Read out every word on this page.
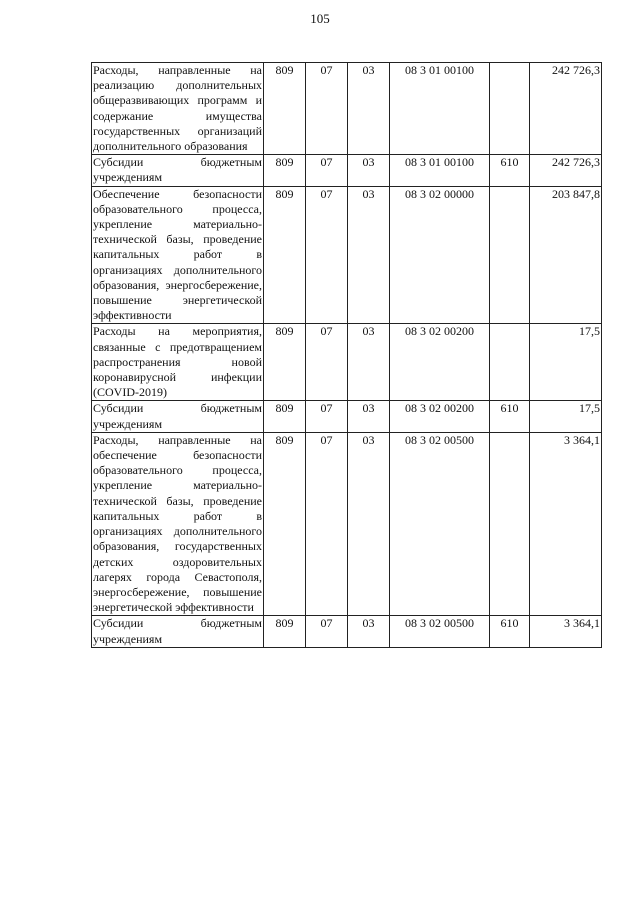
105
Расходы, направленные на реализацию дополнительных общеразвивающих программ и содержание имущества государственных организаций дополнительного образования	809	07	03	08 3 01 00100		242 726,3
Субсидии бюджетным учреждениям	809	07	03	08 3 01 00100	610	242 726,3
Обеспечение безопасности образовательного процесса, укрепление материально-технической базы, проведение капитальных работ в организациях дополнительного образования, энергосбережение, повышение энергетической эффективности	809	07	03	08 3 02 00000		203 847,8
Расходы на мероприятия, связанные с предотвращением распространения новой коронавирусной инфекции (COVID-2019)	809	07	03	08 3 02 00200		17,5
Субсидии бюджетным учреждениям	809	07	03	08 3 02 00200	610	17,5
Расходы, направленные на обеспечение безопасности образовательного процесса, укрепление материально-технической базы, проведение капитальных работ в организациях дополнительного образования, государственных детских оздоровительных лагерях города Севастополя, энергосбережение, повышение энергетической эффективности	809	07	03	08 3 02 00500		3 364,1
Субсидии бюджетным учреждениям	809	07	03	08 3 02 00500	610	3 364,1
